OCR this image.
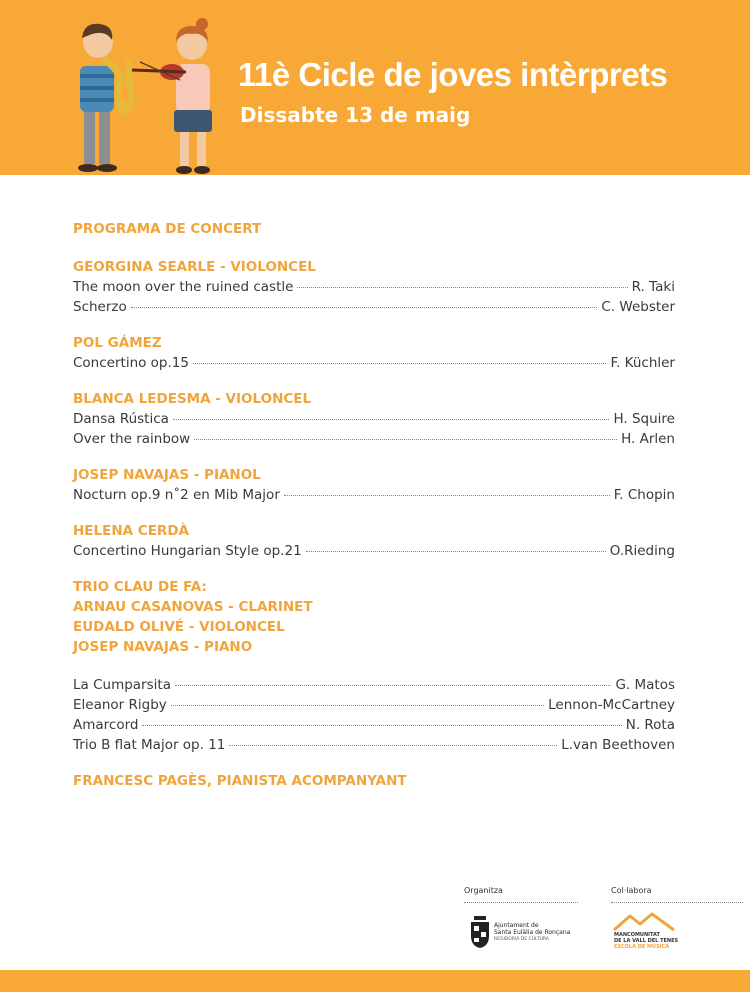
11è Cicle de joves intèrprets
Dissabte 13 de maig
PROGRAMA DE CONCERT
GEORGINA SEARLE - VIOLONCEL
The moon over the ruined castle	R. Taki
Scherzo	C. Webster
POL GÁMEZ
Concertino op.15	F. Küchler
BLANCA LEDESMA - VIOLONCEL
Dansa Rústica	H. Squire
Over the rainbow	H. Arlen
JOSEP NAVAJAS - PIANOL
Nocturn op.9 n˚2 en Mib Major	F. Chopin
HELENA CERDÀ
Concertino Hungarian Style op.21	O.Rieding
TRIO CLAU DE FA:
ARNAU CASANOVAS - CLARINET
EUDALD OLIVÉ - VIOLONCEL
JOSEP NAVAJAS - PIANO
La Cumparsita	G. Matos
Eleanor Rigby	Lennon-McCartney
Amarcord	N. Rota
Trio B flat Major op. 11	L.van Beethoven
FRANCESC PAGÈS, PIANISTA ACOMPANYANT
Organitza	Col·labora
Ajuntament de
Santa Eulàlia de Ronçana
REGIDORIA DE CULTURA
MANCOMUNITAT
DE LA VALL DEL TENES
ESCOLA DE MÚSICA
